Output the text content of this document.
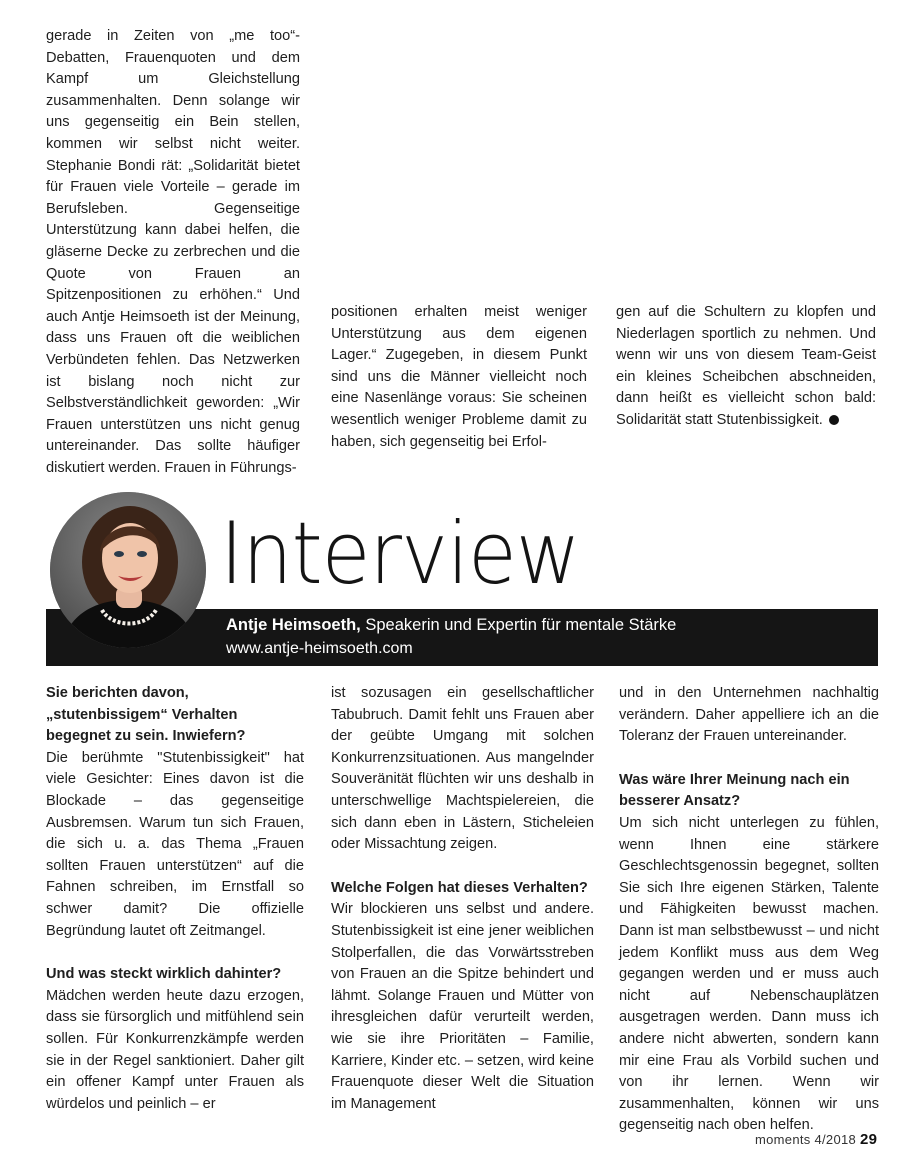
gerade in Zeiten von „me too“-Debatten, Frauenquoten und dem Kampf um Gleichstellung zusammenhalten. Denn solange wir uns gegenseitig ein Bein stellen, kommen wir selbst nicht weiter. Stephanie Bondi rät: „Solidarität bietet für Frauen viele Vorteile – gerade im Berufsleben. Gegenseitige Unterstützung kann dabei helfen, die gläserne Decke zu zerbrechen und die Quote von Frauen an Spitzenpositionen zu erhöhen.“ Und auch Antje Heimsoeth ist der Meinung, dass uns Frauen oft die weiblichen Verbündeten fehlen. Das Netzwerken ist bislang noch nicht zur Selbstverständlichkeit geworden: „Wir Frauen unterstützen uns nicht genug untereinander. Das sollte häufiger diskutiert werden. Frauen in Führungs-

positionen erhalten meist weniger Unterstützung aus dem eigenen Lager.“ Zugegeben, in diesem Punkt sind uns die Männer vielleicht noch eine Nasenlänge voraus: Sie scheinen wesentlich weniger Probleme damit zu haben, sich gegenseitig bei Erfol-

gen auf die Schultern zu klopfen und Niederlagen sportlich zu nehmen. Und wenn wir uns von diesem Team-Geist ein kleines Scheibchen abschneiden, dann heißt es vielleicht schon bald: Solidarität statt Stutenbissigkeit.

Interview
Antje Heimsoeth, Speakerin und Expertin für mentale Stärke
www.antje-heimsoeth.com

Sie berichten davon, „stutenbissigem“ Verhalten begegnet zu sein. Inwiefern?

Die berühmte "Stutenbissigkeit" hat viele Gesichter: Eines davon ist die Blockade – das gegenseitige Ausbremsen. Warum tun sich Frauen, die sich u. a. das Thema „Frauen sollten Frauen unterstützen“ auf die Fahnen schreiben, im Ernstfall so schwer damit? Die offizielle Begründung lautet oft Zeitmangel.

Und was steckt wirklich dahinter?

Mädchen werden heute dazu erzogen, dass sie fürsorglich und mitfühlend sein sollen. Für Konkurrenzkämpfe werden sie in der Regel sanktioniert. Daher gilt ein offener Kampf unter Frauen als würdelos und peinlich – er

ist sozusagen ein gesellschaftlicher Tabubruch. Damit fehlt uns Frauen aber der geübte Umgang mit solchen Konkurrenzsituationen. Aus mangelnder Souveränität flüchten wir uns deshalb in unterschwellige Machtspielereien, die sich dann eben in Lästern, Sticheleien oder Missachtung zeigen.

Welche Folgen hat dieses Verhalten?

Wir blockieren uns selbst und andere. Stutenbissigkeit ist eine jener weiblichen Stolperfallen, die das Vorwärtsstreben von Frauen an die Spitze behindert und lähmt. Solange Frauen und Mütter von ihresgleichen dafür verurteilt werden, wie sie ihre Prioritäten – Familie, Karriere, Kinder etc. – setzen, wird keine Frauenquote dieser Welt die Situation im Management

und in den Unternehmen nachhaltig verändern. Daher appelliere ich an die Toleranz der Frauen untereinander.

Was wäre Ihrer Meinung nach ein besserer Ansatz?

Um sich nicht unterlegen zu fühlen, wenn Ihnen eine stärkere Geschlechtsgenossin begegnet, sollten Sie sich Ihre eigenen Stärken, Talente und Fähigkeiten bewusst machen. Dann ist man selbstbewusst – und nicht jedem Konflikt muss aus dem Weg gegangen werden und er muss auch nicht auf Nebenschauplätzen ausgetragen werden. Dann muss ich andere nicht abwerten, sondern kann mir eine Frau als Vorbild suchen und von ihr lernen. Wenn wir zusammenhalten, können wir uns gegenseitig nach oben helfen.

moments 4/2018 29
